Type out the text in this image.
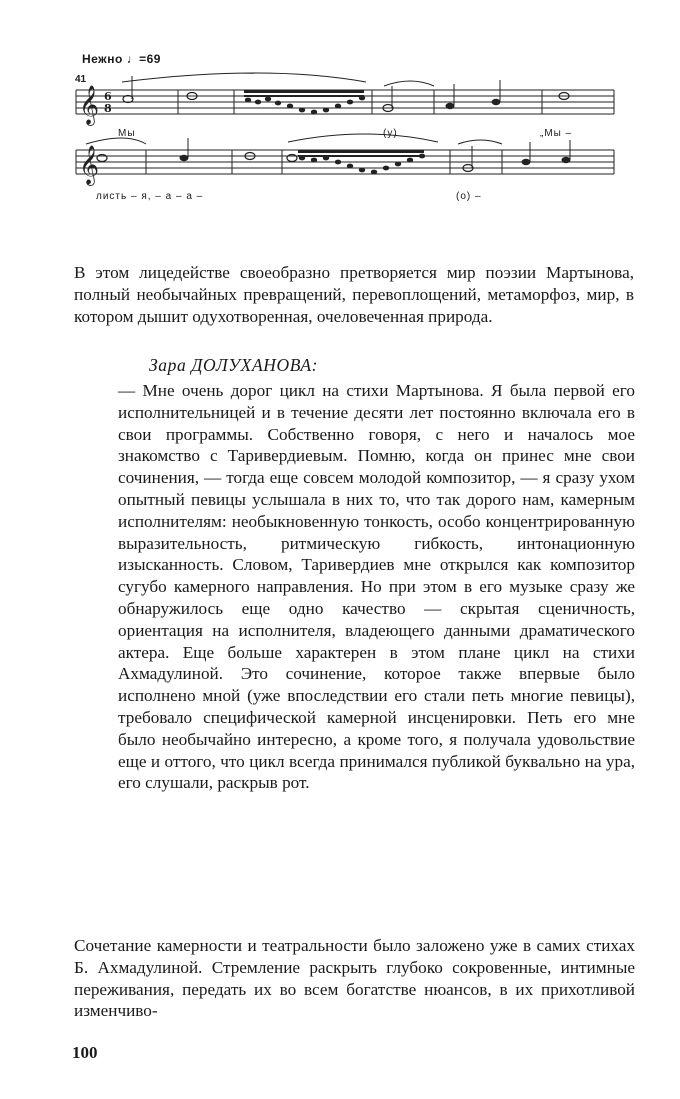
Нежно ♩=69
41
𝄞
𝄞
6
8
Мы	(у)	„Мы –
листь – я, – а – а –	(о) –

В этом лицедействе своеобразно претворяется мир поэзии Мартынова, полный необычайных превращений, перевоплощений, метаморфоз, мир, в котором дышит одухотворенная, очеловеченная природа.

Зара ДОЛУХАНОВА:

— Мне очень дорог цикл на стихи Мартынова. Я была первой его исполнительницей и в течение десяти лет постоянно включала его в свои программы. Собственно говоря, с него и началось мое знакомство с Таривердиевым. Помню, когда он принес мне свои сочинения, — тогда еще совсем молодой композитор, — я сразу ухом опытный певицы услышала в них то, что так дорого нам, камерным исполнителям: необыкновенную тонкость, особо концентрированную выразительность, ритмическую гибкость, интонационную изысканность. Словом, Таривердиев мне открылся как композитор сугубо камерного направления. Но при этом в его музыке сразу же обнаружилось еще одно качество — скрытая сценичность, ориентация на исполнителя, владеющего данными драматического актера. Еще больше характерен в этом плане цикл на стихи Ахмадулиной. Это сочинение, которое также впервые было исполнено мной (уже впоследствии его стали петь многие певицы), требовало специфической камерной инсценировки. Петь его мне было необычайно интересно, а кроме того, я получала удовольствие еще и оттого, что цикл всегда принимался публикой буквально на ура, его слушали, раскрыв рот.

Сочетание камерности и театральности было заложено уже в самих стихах Б. Ахмадулиной. Стремление раскрыть глубоко сокровенные, интимные переживания, передать их во всем богатстве нюансов, в их прихотливой изменчиво-

100
